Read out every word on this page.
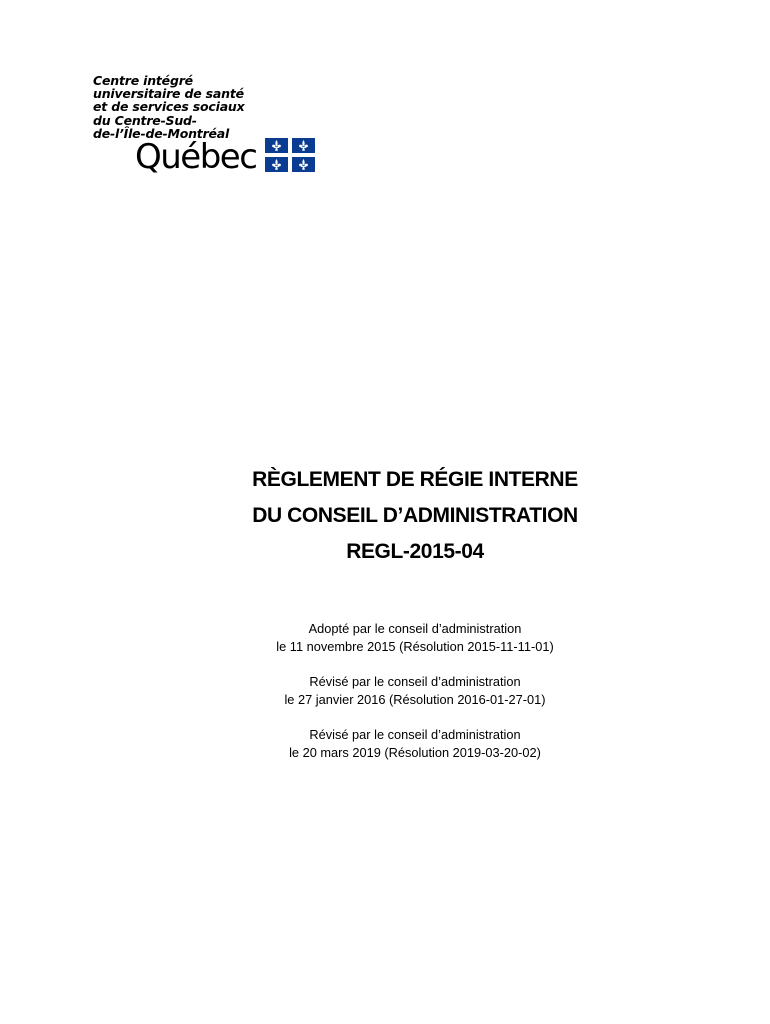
Centre intégré
universitaire de santé
et de services sociaux
du Centre-Sud-
de-l’Île-de-Montréal
Québec
RÈGLEMENT DE RÉGIE INTERNE
DU CONSEIL D’ADMINISTRATION
REGL-2015-04
Adopté par le conseil d’administration
le 11 novembre 2015 (Résolution 2015-11-11-01)
Révisé par le conseil d’administration
le 27 janvier 2016 (Résolution 2016-01-27-01)
Révisé par le conseil d’administration
le 20 mars 2019 (Résolution 2019-03-20-02)
